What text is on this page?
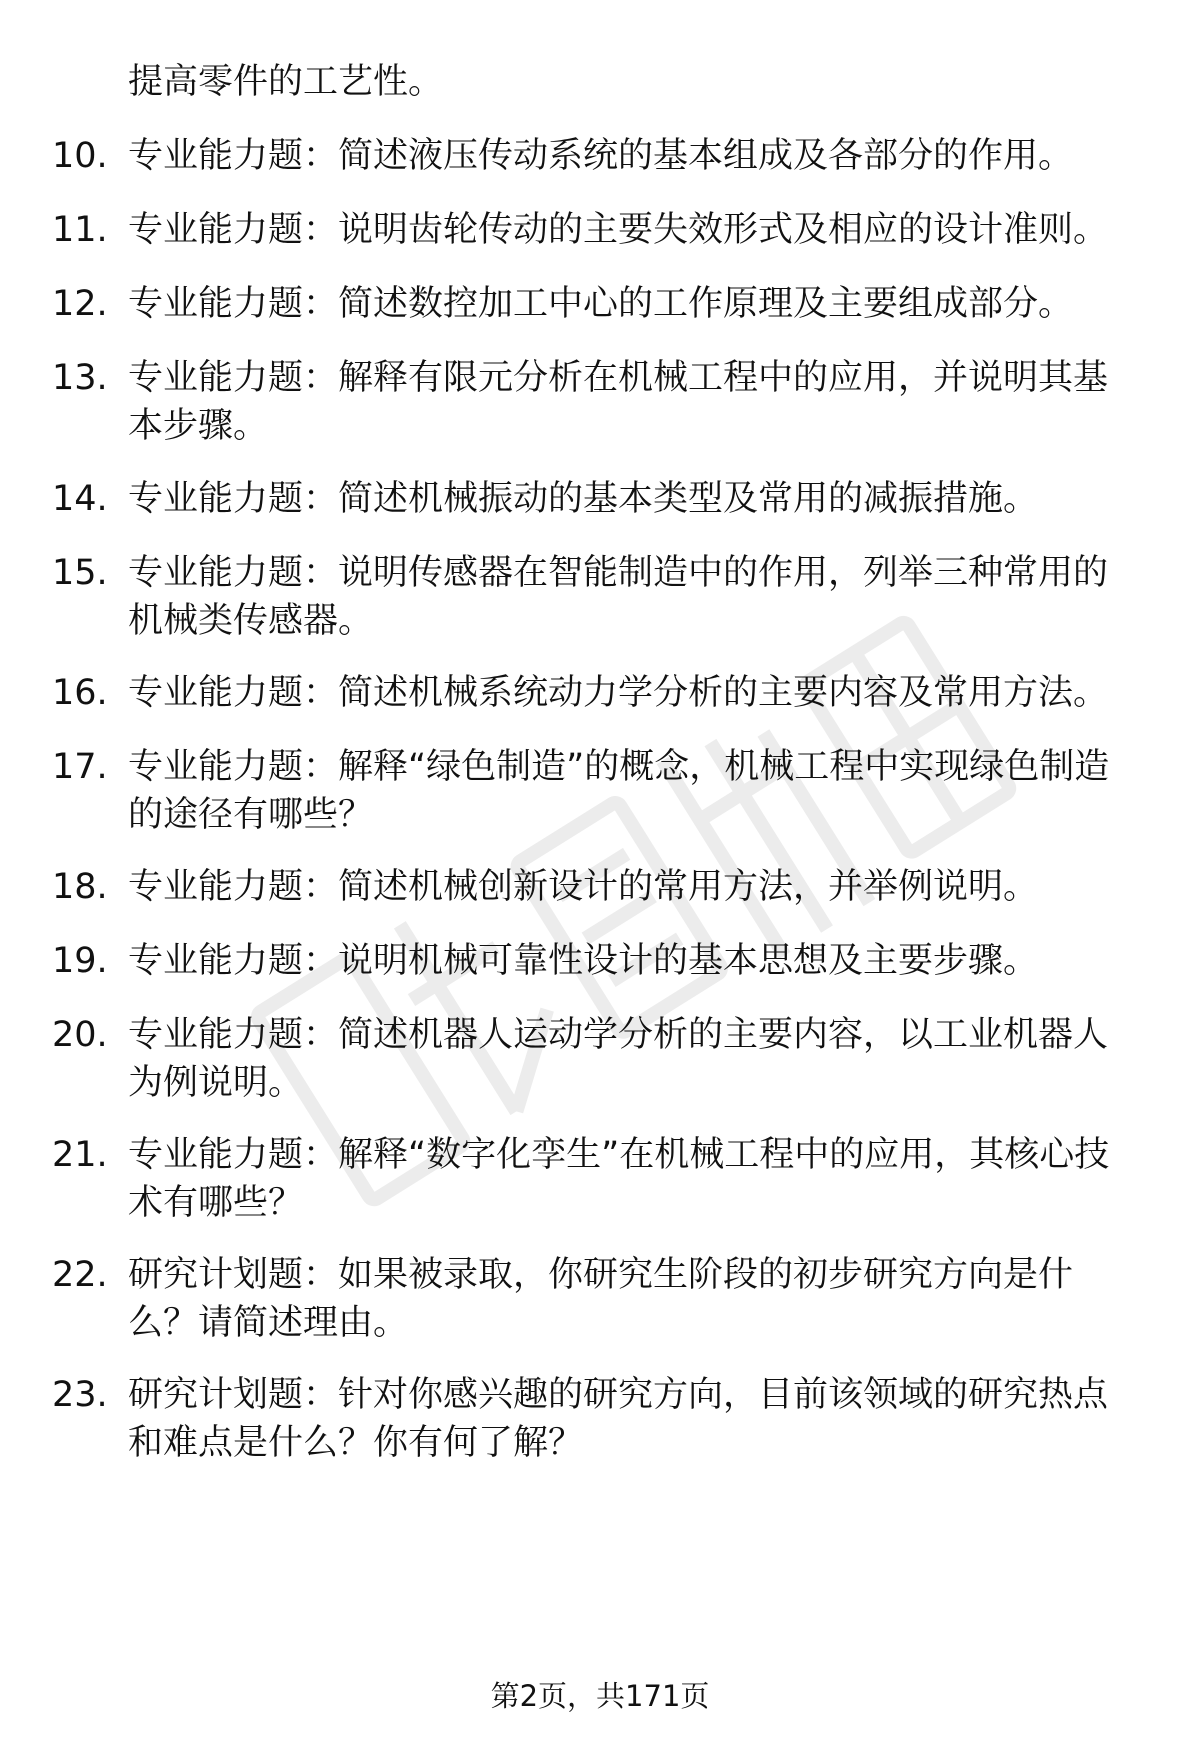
提高零件的工艺性。
10. 专业能力题：简述液压传动系统的基本组成及各部分的作用。
11. 专业能力题：说明齿轮传动的主要失效形式及相应的设计准则。
12. 专业能力题：简述数控加工中心的工作原理及主要组成部分。
13. 专业能力题：解释有限元分析在机械工程中的应用，并说明其基本步骤。
14. 专业能力题：简述机械振动的基本类型及常用的减振措施。
15. 专业能力题：说明传感器在智能制造中的作用，列举三种常用的机械类传感器。
16. 专业能力题：简述机械系统动力学分析的主要内容及常用方法。
17. 专业能力题：解释“绿色制造”的概念，机械工程中实现绿色制造的途径有哪些？
18. 专业能力题：简述机械创新设计的常用方法，并举例说明。
19. 专业能力题：说明机械可靠性设计的基本思想及主要步骤。
20. 专业能力题：简述机器人运动学分析的主要内容，以工业机器人为例说明。
21. 专业能力题：解释“数字化孪生”在机械工程中的应用，其核心技术有哪些？
22. 研究计划题：如果被录取，你研究生阶段的初步研究方向是什么？请简述理由。
23. 研究计划题：针对你感兴趣的研究方向，目前该领域的研究热点和难点是什么？你有何了解？
第2页，共171页
